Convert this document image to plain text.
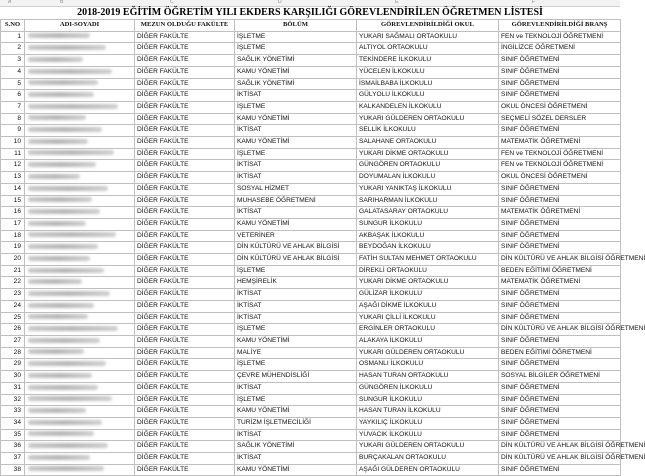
A	B	C	D	E	F
2018-2019 EĞİTİM ÖĞRETİM YILI EKDERS KARŞILIĞI GÖREVLENDİRİLEN ÖĞRETMEN LİSTESİ
S.NO	ADI-SOYADI	MEZUN OLDUĞU FAKÜLTE	BÖLÜM	GÖREVLENDİRİLDİĞİ OKUL	GÖREVLENDİRİLDİĞİ BRANŞ
1		DİĞER FAKÜLTE	İŞLETME	YUKARI SAĞMALI ORTAOKULU	FEN ve TEKNOLOJİ ÖĞRETMENİ
2		DİĞER FAKÜLTE	İŞLETME	ALTIYOL ORTAOKULU	İNGİLİZCE ÖĞRETMENİ
3		DİĞER FAKÜLTE	SAĞLIK YÖNETİMİ	TEKİNDERE İLKOKULU	SINIF ÖĞRETMENİ
4		DİĞER FAKÜLTE	KAMU YÖNETİMİ	YÜCELEN İLKOKULU	SINIF ÖĞRETMENİ
5		DİĞER FAKÜLTE	SAĞLIK YÖNETİMİ	İSMAİLBABA İLKOKULU	SINIF ÖĞRETMENİ
6		DİĞER FAKÜLTE	İKTİSAT	GÜLYOLU İLKOKULU	SINIF ÖĞRETMENİ
7		DİĞER FAKÜLTE	İŞLETME	KALKANDELEN İLKOKULU	OKUL ÖNCESİ ÖĞRETMENİ
8		DİĞER FAKÜLTE	KAMU YÖNETİMİ	YUKARI GÜLDEREN ORTAOKULU	SEÇMELİ SÖZEL DERSLER
9		DİĞER FAKÜLTE	İKTİSAT	SELLİK İLKOKULU	SINIF ÖĞRETMENİ
10		DİĞER FAKÜLTE	KAMU YÖNETİMİ	SALAHANE ORTAOKULU	MATEMATİK ÖĞRETMENİ
11		DİĞER FAKÜLTE	İŞLETME	YUKARI DİKME ORTAOKULU	FEN ve TEKNOLOJİ ÖĞRETMENİ
12		DİĞER FAKÜLTE	İKTİSAT	GÜNGÖREN ORTAOKULU	FEN ve TEKNOLOJİ ÖĞRETMENİ
13		DİĞER FAKÜLTE	İKTİSAT	DOYUMALAN İLKOKULU	OKUL ÖNCESİ ÖĞRETMENİ
14		DİĞER FAKÜLTE	SOSYAL HİZMET	YUKARI YANIKTAŞ İLKOKULU	SINIF ÖĞRETMENİ
15		DİĞER FAKÜLTE	MUHASEBE ÖĞRETMENİ	SARIHARMAN İLKOKULU	SINIF ÖĞRETMENİ
16		DİĞER FAKÜLTE	İKTİSAT	GALATASARAY ORTAOKULU	MATEMATİK ÖĞRETMENİ
17		DİĞER FAKÜLTE	KAMU YÖNETİMİ	SUNGUR İLKOKULU	SINIF ÖĞRETMENİ
18		DİĞER FAKÜLTE	VETERİNER	AKBAŞAK İLKOKULU	SINIF ÖĞRETMENİ
19		DİĞER FAKÜLTE	DİN KÜLTÜRÜ VE AHLAK BİLGİSİ	BEYDOĞAN İLKOKULU	SINIF ÖĞRETMENİ
20		DİĞER FAKÜLTE	DİN KÜLTÜRÜ VE AHLAK BİLGİSİ	FATİH SULTAN MEHMET ORTAOKULU	DİN KÜLTÜRÜ VE AHLAK BİLGİSİ ÖĞRETMENİ
21		DİĞER FAKÜLTE	İŞLETME	DİREKLİ ORTAOKULU	BEDEN EĞİTİMİ ÖĞRETMENİ
22		DİĞER FAKÜLTE	HEMŞİRELİK	YUKARI DİKME ORTAOKULU	MATEMATİK ÖĞRETMENİ
23		DİĞER FAKÜLTE	İKTİSAT	GÜLİZAR İLKOKULU	SINIF ÖĞRETMENİ
24		DİĞER FAKÜLTE	İKTİSAT	AŞAĞI DİKME İLKOKULU	SINIF ÖĞRETMENİ
25		DİĞER FAKÜLTE	İKTİSAT	YUKARI ÇİLLİ İLKOKULU	SINIF ÖĞRETMENİ
26		DİĞER FAKÜLTE	İŞLETME	ERGİNLER ORTAOKULU	DİN KÜLTÜRÜ VE AHLAK BİLGİSİ ÖĞRETMENİ
27		DİĞER FAKÜLTE	KAMU YÖNETİMİ	ALAKAYA İLKOKULU	SINIF ÖĞRETMENİ
28		DİĞER FAKÜLTE	MALİYE	YUKARI GÜLDEREN ORTAOKULU	BEDEN EĞİTİMİ ÖĞRETMENİ
29		DİĞER FAKÜLTE	İŞLETME	OSMANLI İLKOKULU	SINIF ÖĞRETMENİ
30		DİĞER FAKÜLTE	ÇEVRE MÜHENDİSLİĞİ	HASAN TURAN ORTAOKULU	SOSYAL BİLGİLER ÖĞRETMENİ
31		DİĞER FAKÜLTE	İKTİSAT	GÜNGÖREN İLKOKULU	SINIF ÖĞRETMENİ
32		DİĞER FAKÜLTE	İŞLETME	SUNGUR İLKOKULU	SINIF ÖĞRETMENİ
33		DİĞER FAKÜLTE	KAMU YÖNETİMİ	HASAN TURAN İLKOKULU	SINIF ÖĞRETMENİ
34		DİĞER FAKÜLTE	TURİZM İŞLETMECİLİĞİ	YAYKILIÇ İLKOKULU	SINIF ÖĞRETMENİ
35		DİĞER FAKÜLTE	İKTİSAT	YUVACIK İLKOKULU	SINIF ÖĞRETMENİ
36		DİĞER FAKÜLTE	SAĞLIK YÖNETİMİ	YUKARI GÜLDEREN ORTAOKULU	DİN KÜLTÜRÜ VE AHLAK BİLGİSİ ÖĞRETMENİ
37		DİĞER FAKÜLTE	İKTİSAT	BURÇAKALAN ORTAOKULU	DİN KÜLTÜRÜ VE AHLAK BİLGİSİ ÖĞRETMENİ
38		DİĞER FAKÜLTE	KAMU YÖNETİMİ	AŞAĞI GÜLDEREN ORTAOKULU	SINIF ÖĞRETMENİ
